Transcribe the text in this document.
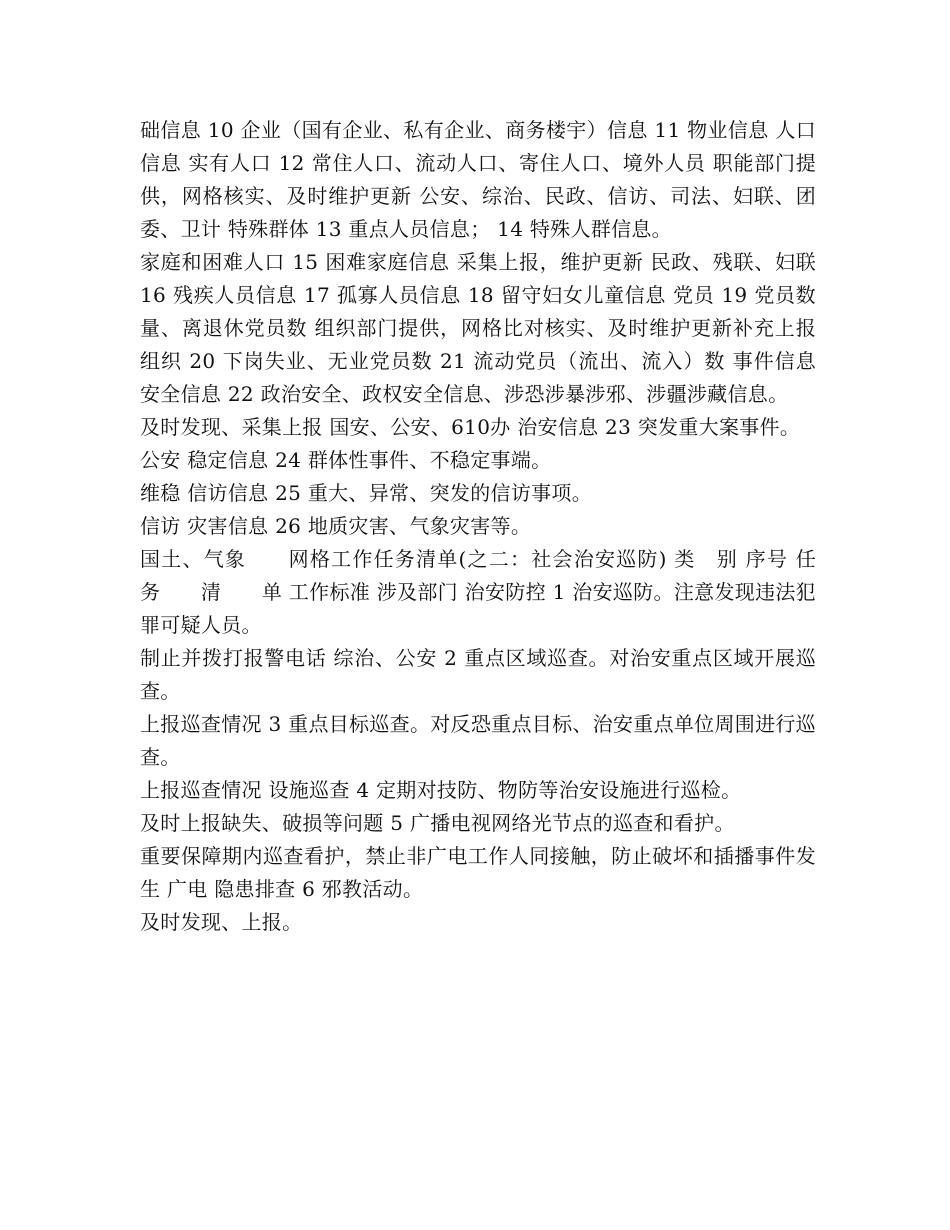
础信息 10 企业（国有企业、私有企业、商务楼宇）信息 11 物业信息 人口信息 实有人口 12 常住人口、流动人口、寄住人口、境外人员 职能部门提供，网格核实、及时维护更新 公安、综治、民政、信访、司法、妇联、团委、卫计 特殊群体 13 重点人员信息； 14 特殊人群信息。

家庭和困难人口 15 困难家庭信息 采集上报，维护更新 民政、残联、妇联 16 残疾人员信息 17 孤寡人员信息 18 留守妇女儿童信息 党员 19 党员数量、离退休党员数 组织部门提供，网格比对核实、及时维护更新补充上报 组织 20 下岗失业、无业党员数 21 流动党员（流出、流入）数 事件信息 安全信息 22 政治安全、政权安全信息、涉恐涉暴涉邪、涉疆涉藏信息。

及时发现、采集上报 国安、公安、610办 治安信息 23 突发重大案事件。

公安 稳定信息 24 群体性事件、不稳定事端。

维稳 信访信息 25 重大、异常、突发的信访事项。

信访 灾害信息 26 地质灾害、气象灾害等。

国土、气象　　网格工作任务清单(之二：社会治安巡防) 类　别 序号 任　　务　　清　　单 工作标准 涉及部门 治安防控 1 治安巡防。注意发现违法犯罪可疑人员。

制止并拨打报警电话 综治、公安 2 重点区域巡查。对治安重点区域开展巡查。

上报巡查情况 3 重点目标巡查。对反恐重点目标、治安重点单位周围进行巡查。

上报巡查情况 设施巡查 4 定期对技防、物防等治安设施进行巡检。

及时上报缺失、破损等问题 5 广播电视网络光节点的巡查和看护。

重要保障期内巡查看护，禁止非广电工作人同接触，防止破坏和插播事件发生 广电 隐患排查 6 邪教活动。

及时发现、上报。
